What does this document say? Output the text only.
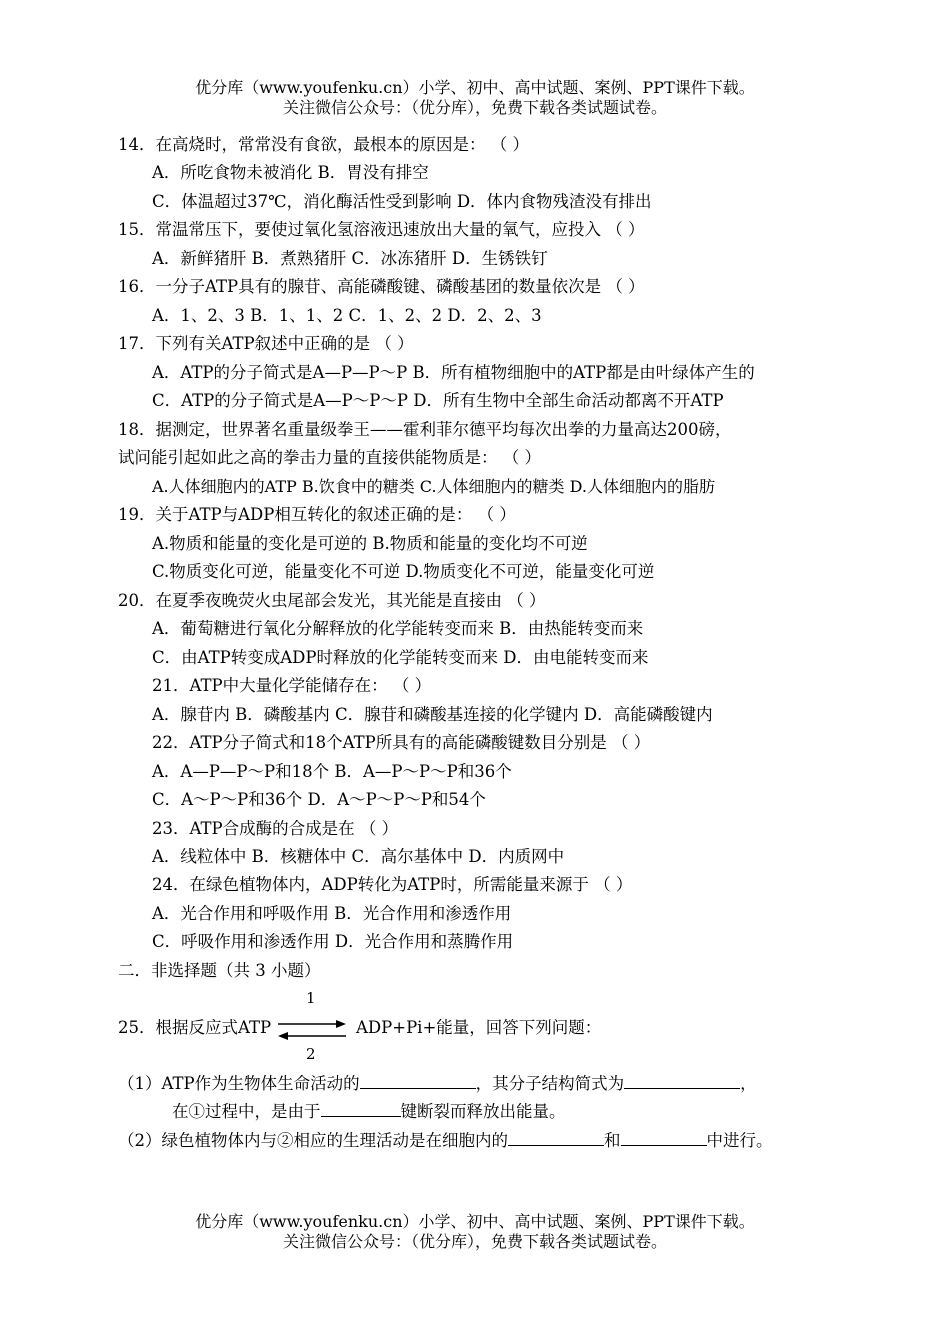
优分库（www.youfenku.cn）小学、初中、高中试题、案例、PPT课件下载。
关注微信公众号：（优分库），免费下载各类试题试卷。
14．在高烧时，常常没有食欲，最根本的原因是： （ ）
A．所吃食物未被消化 B．胃没有排空
C．体温超过37℃，消化酶活性受到影响 D．体内食物残渣没有排出
15．常温常压下，要使过氧化氢溶液迅速放出大量的氧气，应投入 （ ）
A．新鲜猪肝 B．煮熟猪肝 C．冰冻猪肝 D．生锈铁钉
16．一分子ATP具有的腺苷、高能磷酸键、磷酸基团的数量依次是 （ ）
A．1、2、3 B．1、1、2 C．1、2、2 D．2、2、3
17．下列有关ATP叙述中正确的是 （ ）
A．ATP的分子简式是A—P—P～P B．所有植物细胞中的ATP都是由叶绿体产生的
C．ATP的分子简式是A—P～P～P D．所有生物中全部生命活动都离不开ATP
18．据测定，世界著名重量级拳王——霍利菲尔德平均每次出拳的力量高达200磅，
试问能引起如此之高的拳击力量的直接供能物质是： （ ）
A.人体细胞内的ATP B.饮食中的糖类 C.人体细胞内的糖类 D.人体细胞内的脂肪
19．关于ATP与ADP相互转化的叙述正确的是： （ ）
A.物质和能量的变化是可逆的 B.物质和能量的变化均不可逆
C.物质变化可逆，能量变化不可逆 D.物质变化不可逆，能量变化可逆
20．在夏季夜晚荧火虫尾部会发光，其光能是直接由 （ ）
A．葡萄糖进行氧化分解释放的化学能转变而来 B．由热能转变而来
C．由ATP转变成ADP时释放的化学能转变而来 D．由电能转变而来
21．ATP中大量化学能储存在： （ ）
A．腺苷内 B．磷酸基内 C．腺苷和磷酸基连接的化学键内 D．高能磷酸键内
22．ATP分子简式和18个ATP所具有的高能磷酸键数目分别是 （ ）
A．A—P—P～P和18个 B．A—P～P～P和36个
C．A～P～P和36个 D．A～P～P～P和54个
23．ATP合成酶的合成是在 （ ）
A．线粒体中 B．核糖体中 C．高尔基体中 D．内质网中
24．在绿色植物体内，ADP转化为ATP时，所需能量来源于 （ ）
A．光合作用和呼吸作用 B．光合作用和渗透作用
C．呼吸作用和渗透作用 D．光合作用和蒸腾作用
二．非选择题（共 3 小题）
1
25．根据反应式ATP	ADP+Pi+能量，回答下列问题：
2
（1）ATP作为生物体生命活动的	，其分子结构简式为	，
在①过程中，是由于	键断裂而释放出能量。
（2）绿色植物体内与②相应的生理活动是在细胞内的	和	中进行。
优分库（www.youfenku.cn）小学、初中、高中试题、案例、PPT课件下载。
关注微信公众号：（优分库），免费下载各类试题试卷。
